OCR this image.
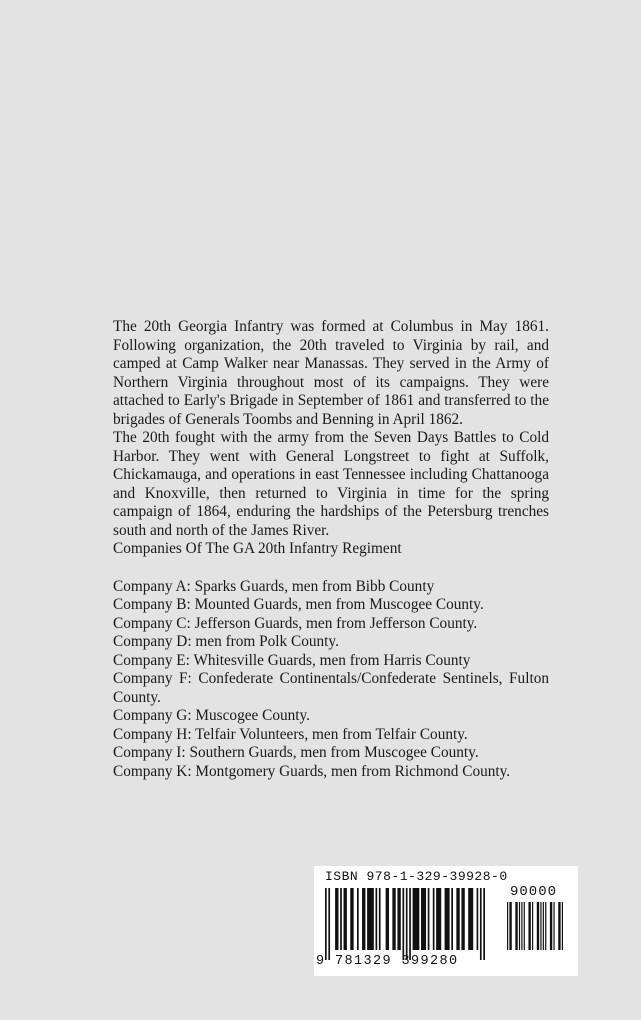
The 20th Georgia Infantry was formed at Columbus in May 1861. Following organization, the 20th traveled to Virginia by rail, and camped at Camp Walker near Manassas. They served in the Army of Northern Virginia throughout most of its campaigns. They were attached to Early's Brigade in September of 1861 and transferred to the brigades of Generals Toombs and Benning in April 1862.

The 20th fought with the army from the Seven Days Battles to Cold Harbor. They went with General Longstreet to fight at Suffolk, Chickamauga, and operations in east Tennessee including Chattanooga and Knoxville, then returned to Virginia in time for the spring campaign of 1864, enduring the hardships of the Petersburg trenches south and north of the James River.

Companies Of The GA 20th Infantry Regiment

Company A: Sparks Guards, men from Bibb County
Company B: Mounted Guards, men from Muscogee County.
Company C: Jefferson Guards, men from Jefferson County.
Company D: men from Polk County.
Company E: Whitesville Guards, men from Harris County
Company F: Confederate Continentals/Confederate Sentinels, Fulton County.
Company G: Muscogee County.
Company H: Telfair Volunteers, men from Telfair County.
Company I: Southern Guards, men from Muscogee County.
Company K: Montgomery Guards, men from Richmond County.
ISBN 978-1-329-39928-0
90000
9 781329 399280
